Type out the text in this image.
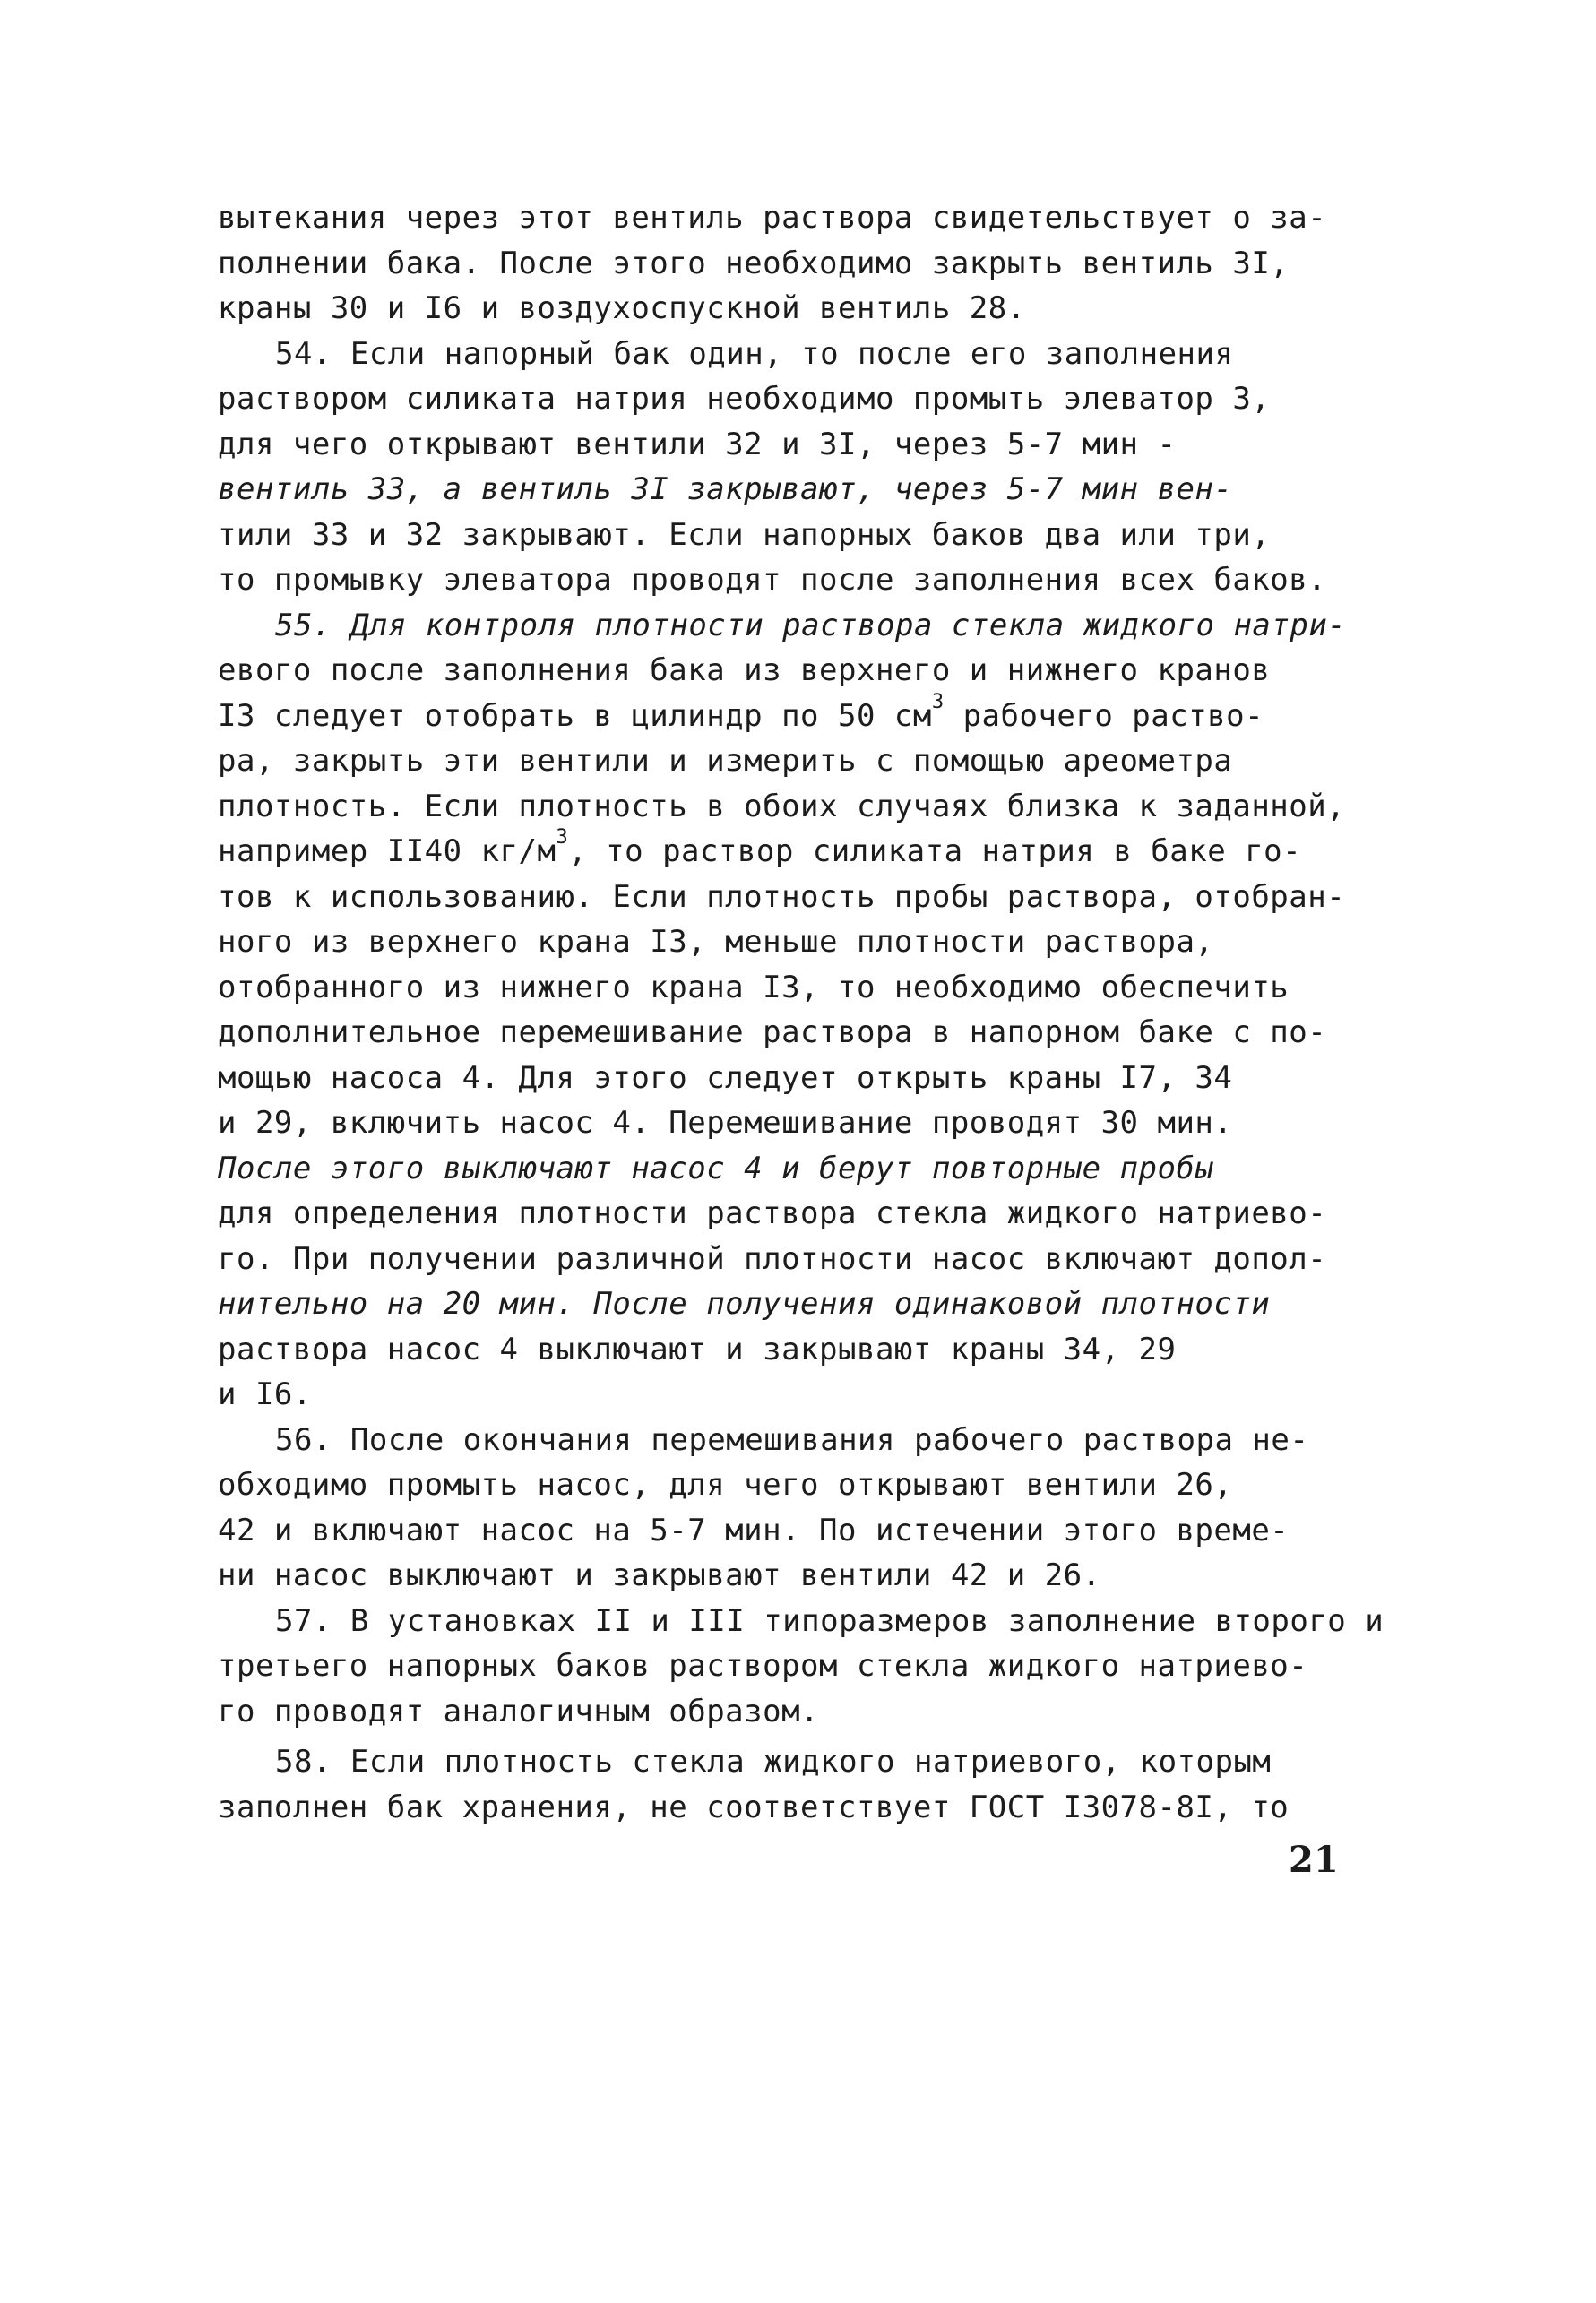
вытекания через этот вентиль раствора свидетельствует о за-
полнении бака. После этого необходимо закрыть вентиль 3I,
краны 30 и I6 и воздухоспускной вентиль 28.
54. Если напорный бак один, то после его заполнения
раствором силиката натрия необходимо промыть элеватор 3,
для чего открывают вентили 32 и 3I, через 5-7 мин -
вентиль 33, а вентиль 3I закрывают, через 5-7 мин вен-
тили 33 и 32 закрывают. Если напорных баков два или три,
то промывку элеватора проводят после заполнения всех баков.
55. Для контроля плотности раствора стекла жидкого натри-
евого после заполнения бака из верхнего и нижнего кранов
I3 следует отобрать в цилиндр по 50 $см^3$ рабочего раство-
ра, закрыть эти вентили и измерить с помощью ареометра
плотность. Если плотность в обоих случаях близка к заданной,
например II40 $кг/м^3$, то раствор силиката натрия в баке го-
тов к использованию. Если плотность пробы раствора, отобран-
ного из верхнего крана I3, меньше плотности раствора,
отобранного из нижнего крана I3, то необходимо обеспечить
дополнительное перемешивание раствора в напорном баке с по-
мощью насоса 4. Для этого следует открыть краны I7, 34
и 29, включить насос 4. Перемешивание проводят 30 мин.
После этого выключают насос 4 и берут повторные пробы
для определения плотности раствора стекла жидкого натриево-
го. При получении различной плотности насос включают допол-
нительно на 20 мин. После получения одинаковой плотности
раствора насос 4 выключают и закрывают краны 34, 29
и I6.
56. После окончания перемешивания рабочего раствора не-
обходимо промыть насос, для чего открывают вентили 26,
42 и включают насос на 5-7 мин. По истечении этого време-
ни насос выключают и закрывают вентили 42 и 26.
57. В установках II и III типоразмеров заполнение второго и
третьего напорных баков раствором стекла жидкого натриево-
го проводят аналогичным образом.
58. Если плотность стекла жидкого натриевого, которым
заполнен бак хранения, не соответствует ГОСТ I3078-8I, то
21
